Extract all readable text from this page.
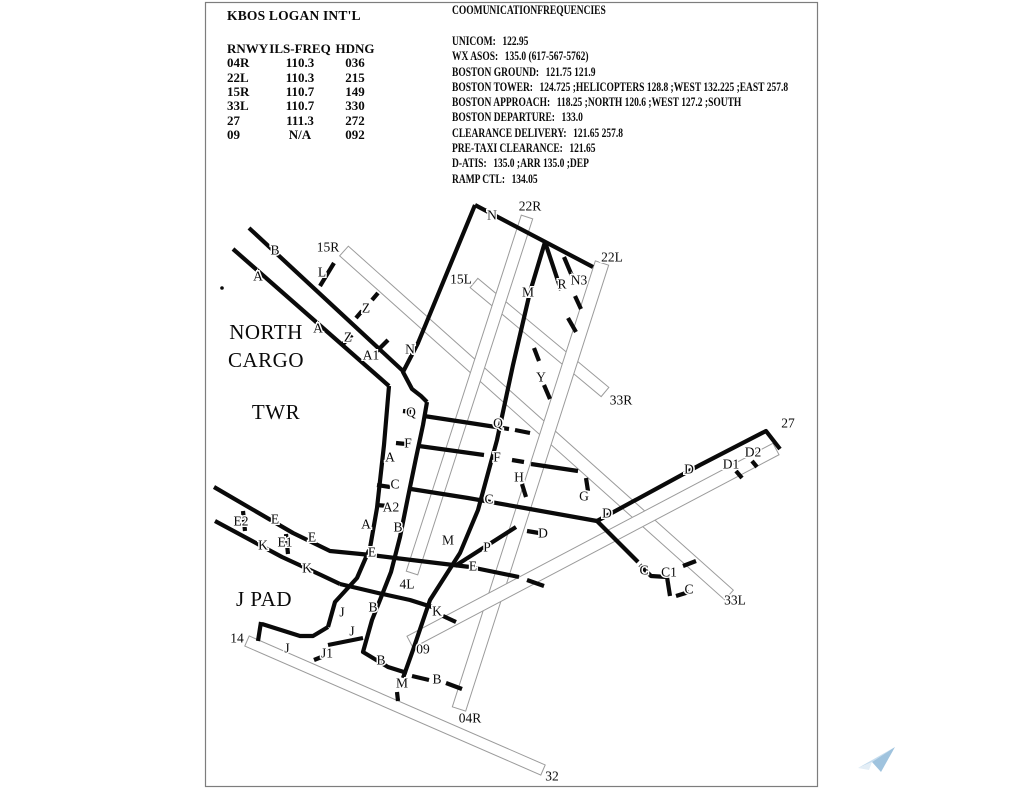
B
A
15R
L
Z
A
Z
A1 N
N
22R
22L
15L
M
R N3
Y
33R
Q
Q
F
F
A
C
C
A2
A B
M
H
G
D
D D1
D2
27
D
P
E
E
E2 E
K E1 E
K
4L
K
J
J
J1
J
14
B
09
B
M B
04R
32
C C1
C
33L
NORTH
CARGO
TWR
J PAD
KBOS LOGAN INT'L
RNWY ILS-FREQ HDNG
04R	110.3	036
22L	110.3	215
15R	110.7	149
33L	110.7	330
27	111.3	272
09	N/A	092
COOMUNICATIONFREQUENCIES
UNICOM: 122.95
WX ASOS: 135.0 (617-567-5762)
BOSTON GROUND: 121.75 121.9
BOSTON TOWER: 124.725 ;HELICOPTERS 128.8 ;WEST 132.225 ;EAST 257.8
BOSTON APPROACH: 118.25 ;NORTH 120.6 ;WEST 127.2 ;SOUTH
BOSTON DEPARTURE: 133.0
CLEARANCE DELIVERY: 121.65 257.8
PRE-TAXI CLEARANCE: 121.65
D-ATIS: 135.0 ;ARR 135.0 ;DEP
RAMP CTL: 134.05
